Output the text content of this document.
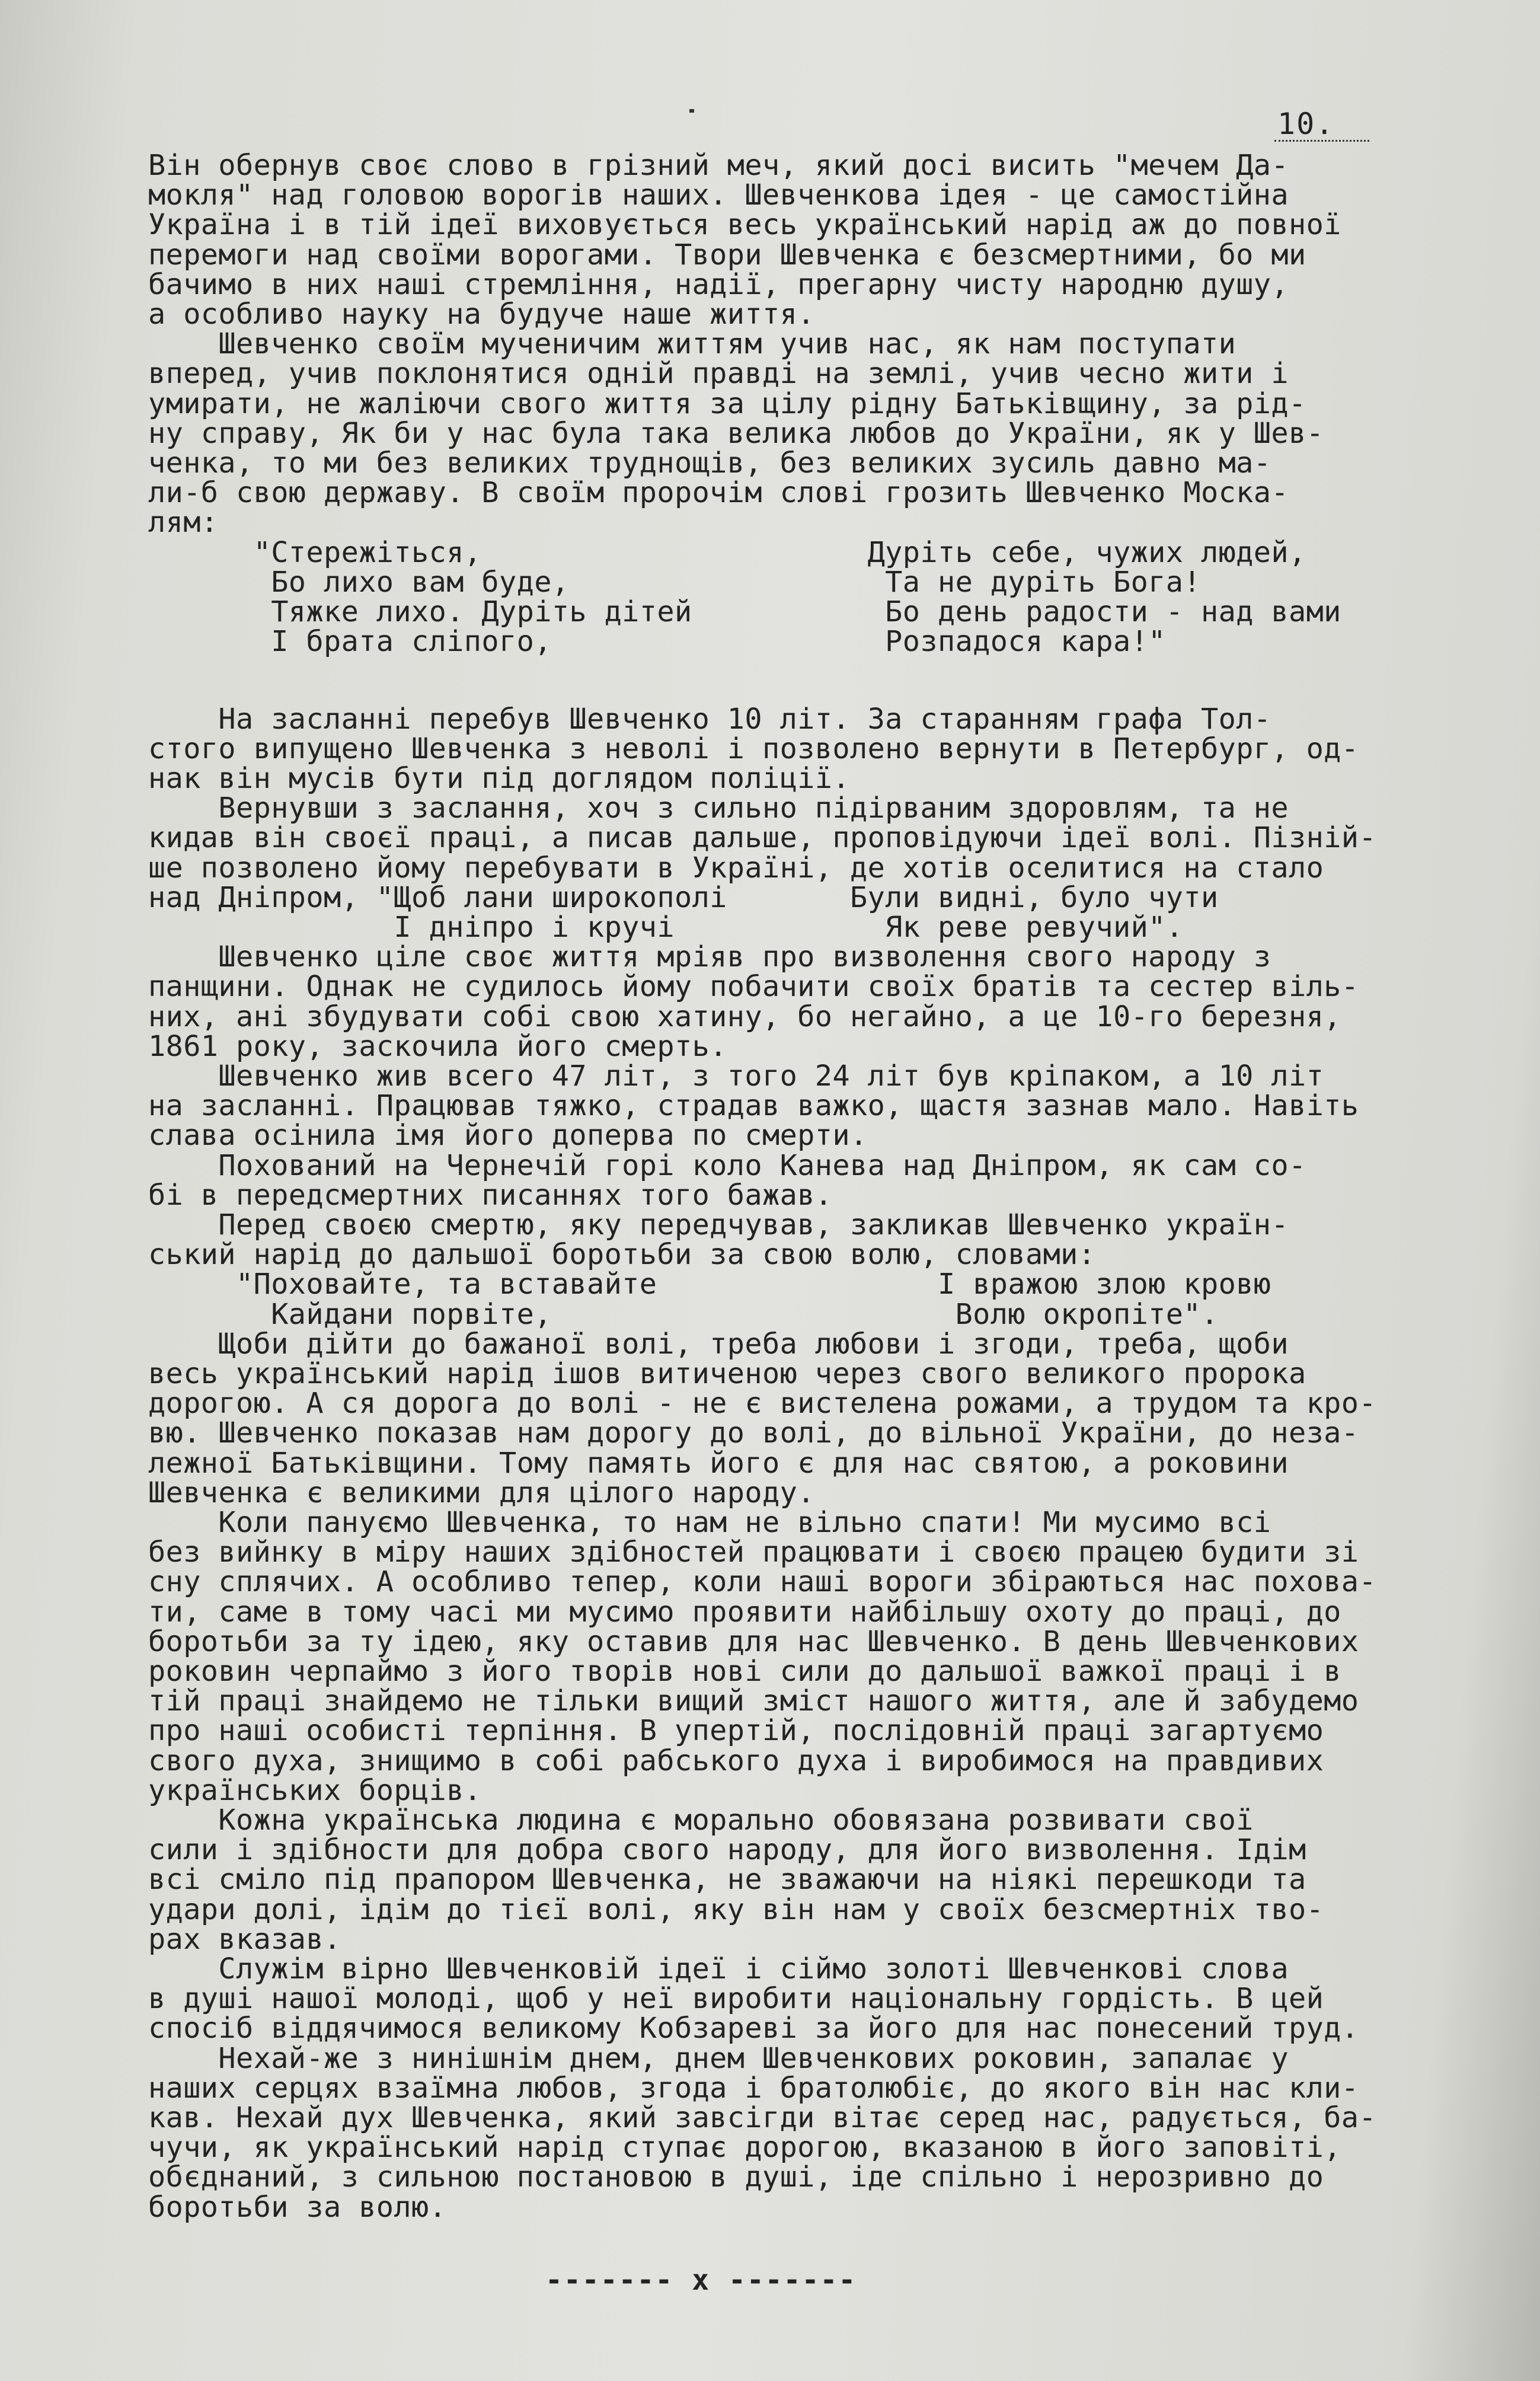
10.
Він обернув своє слово в грізний меч, який досі висить "мечем Да-
мокля" над головою ворогів наших. Шевченкова ідея - це самостійна
Україна і в тій ідеї виховується весь український нарід аж до повної
перемоги над своїми ворогами. Твори Шевченка є безсмертними, бо ми
бачимо в них наші стремління, надії, прегарну чисту народню душу,
а особливо науку на будуче наше життя.
Шевченко своїм мученичим життям учив нас, як нам поступати
вперед, учив поклонятися одній правді на землі, учив чесно жити і
умирати, не жаліючи свого життя за цілу рідну Батьківщину, за рід-
ну справу, Як би у нас була така велика любов до України, як у Шев-
ченка, то ми без великих труднощів, без великих зусиль давно ма-
ли-б свою державу. В своїм пророчім слові грозить Шевченко Москa-
лям:
"Стережіться,                      Дуріть себе, чужих людей,
Бо лихо вам буде,                  Та не дуріть Бога!
Тяжке лихо. Дуріть дітей           Бо день радости - над вами
І брата сліпого,                   Розпадося кара!"
На засланні перебув Шевченко 10 літ. За старанням графа Тол-
стого випущено Шевченка з неволі і позволено вернути в Петербург, од-
нак він мусів бути під доглядом поліції.
Вернувши з заслання, хоч з сильно підірваним здоровлям, та не
кидав він своєї праці, а писав дальше, проповідуючи ідеї волі. Пізній-
ше позволено йому перебувати в Україні, де хотів оселитися на стало
над Дніпром, "Щоб лани широкополі       Були видні, було чути
І дніпро і кручі            Як реве ревучий".
Шевченко ціле своє життя мріяв про визволення свого народу з
панщини. Однак не судилось йому побачити своїх братів та сестер віль-
них, ані збудувати собі свою хатину, бо негайно, а це 10-го березня,
1861 року, заскочила його смерть.
Шевченко жив всего 47 літ, з того 24 літ був кріпаком, а 10 літ
на засланні. Працював тяжко, страдав важко, щастя зазнав мало. Навіть
слава осінила імя його доперва по смерти.
Похований на Чернечій горі коло Канева над Дніпром, як сам со-
бі в передсмертних писаннях того бажав.
Перед своєю смертю, яку передчував, закликав Шевченко україн-
ський нарід до дальшої боротьби за свою волю, словами:
"Поховайте, та вставайте                І вражою злою кровю
Кайдани порвіте,                       Волю окропіте".
Щоби дійти до бажаної волі, треба любови і згоди, треба, щоби
весь український нарід ішов витиченою через свого великого пророка
дорогою. А ся дорога до волі - не є вистелена рожами, а трудом та кро-
вю. Шевченко показав нам дорогу до волі, до вільної України, до неза-
лежної Батьківщини. Тому память його є для нас святою, а роковини
Шевченка є великими для цілого народу.
Коли пануємо Шевченка, то нам не вільно спати! Ми мусимо всі
без вийнку в міру наших здібностей працювати і своєю працею будити зі
сну сплячих. А особливо тепер, коли наші вороги збіраються нас похова-
ти, саме в тому часі ми мусимо проявити найбільшу охоту до праці, до
боротьби за ту ідею, яку оставив для нас Шевченко. В день Шевченкових
роковин черпаймо з його творів нові сили до дальшої важкої праці і в
тій праці знайдемо не тільки вищий зміст нашого життя, але й забудемо
про наші особисті терпіння. В упертій, послідовній праці загартуємо
свого духа, знищимо в собі рабського духа і виробимося на правдивих
українських борців.
Кожна українська людина є морально обовязана розвивати свої
сили і здібности для добра свого народу, для його визволення. Ідім
всі сміло під прапором Шевченка, не зважаючи на ніякі перешкоди та
удари долі, ідім до тієї волі, яку він нам у своїх безсмертніх тво-
рах вказав.
Служім вірно Шевченковій ідеї і сіймо золоті Шевченкові слова
в душі нашої молоді, щоб у неї виробити національну гордість. В цей
спосіб віддячимося великому Кобзареві за його для нас понесений труд.
Нехай-же з нинішнім днем, днем Шевченкових роковин, запалає у
наших серцях взаїмна любов, згода і братолюбіє, до якого він нас кли-
кав. Нехай дух Шевченка, який завсігди вітає серед нас, радується, ба-
чучи, як український нарід ступає дорогою, вказаною в його заповіті,
обєднаний, з сильною постановою в душі, іде спільно і нерозривно до
боротьби за волю.
------- x -------
